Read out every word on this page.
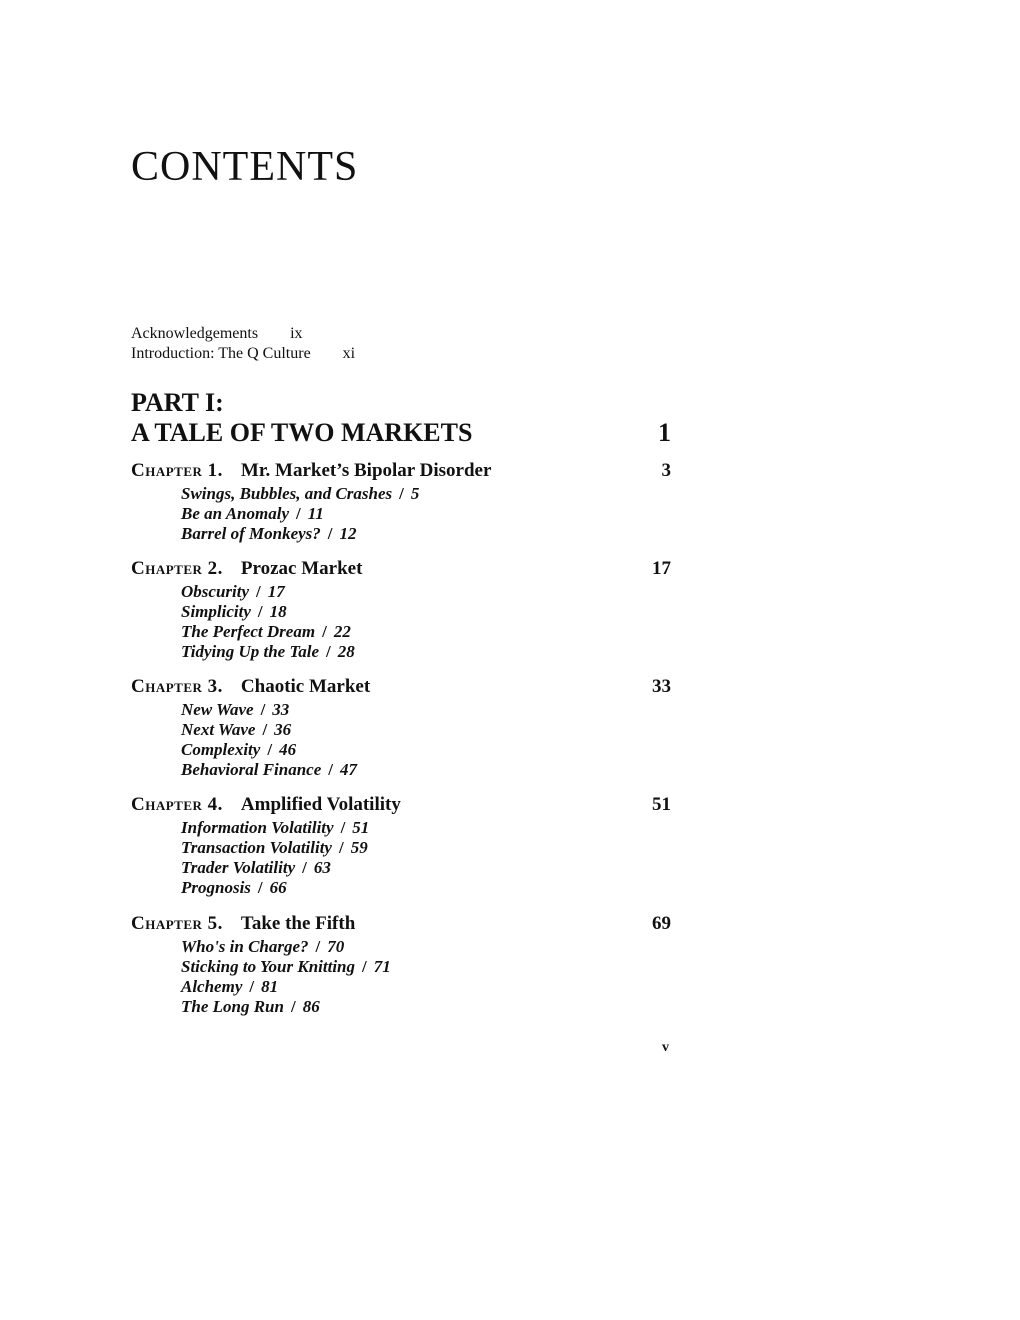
CONTENTS
Acknowledgements ix
Introduction: The Q Culture xi
PART I:
A TALE OF TWO MARKETS	1
Chapter 1. Mr. Market’s Bipolar Disorder	3
Swings, Bubbles, and Crashes / 5
Be an Anomaly / 11
Barrel of Monkeys? / 12
Chapter 2. Prozac Market	17
Obscurity / 17
Simplicity / 18
The Perfect Dream / 22
Tidying Up the Tale / 28
Chapter 3. Chaotic Market	33
New Wave / 33
Next Wave / 36
Complexity / 46
Behavioral Finance / 47
Chapter 4. Amplified Volatility	51
Information Volatility / 51
Transaction Volatility / 59
Trader Volatility / 63
Prognosis / 66
Chapter 5. Take the Fifth	69
Who's in Charge? / 70
Sticking to Your Knitting / 71
Alchemy / 81
The Long Run / 86
v
